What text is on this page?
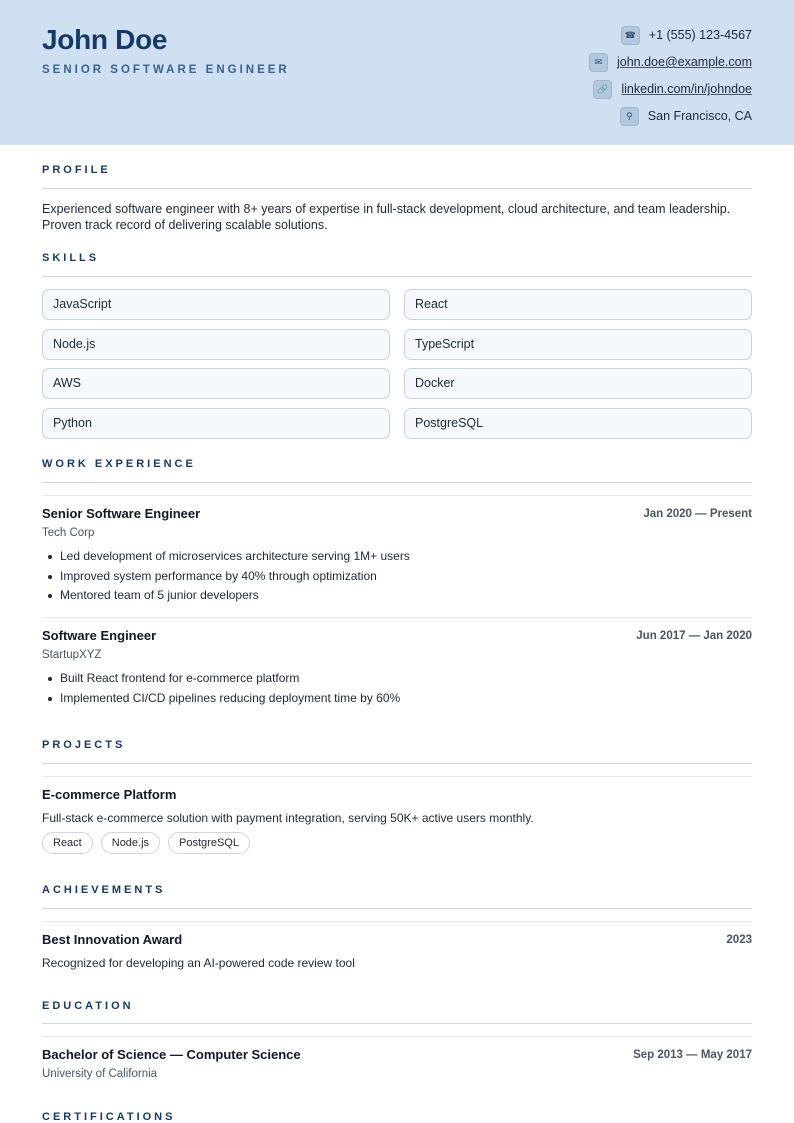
John Doe
SENIOR SOFTWARE ENGINEER
☎	+1 (555) 123-4567
✉	john.doe@example.com
🔗	linkedin.com/in/johndoe
⚲	San Francisco, CA
PROFILE
Experienced software engineer with 8+ years of expertise in full-stack development, cloud architecture, and team leadership.
Proven track record of delivering scalable solutions.
SKILLS
JavaScript	React
Node.js	TypeScript
AWS	Docker
Python	PostgreSQL
WORK EXPERIENCE
Senior Software Engineer	Jan 2020 — Present
Tech Corp
Led development of microservices architecture serving 1M+ users
Improved system performance by 40% through optimization
Mentored team of 5 junior developers
Software Engineer	Jun 2017 — Jan 2020
StartupXYZ
Built React frontend for e-commerce platform
Implemented CI/CD pipelines reducing deployment time by 60%
PROJECTS
E-commerce Platform
Full-stack e-commerce solution with payment integration, serving 50K+ active users monthly.
React	Node.js	PostgreSQL
ACHIEVEMENTS
Best Innovation Award	2023
Recognized for developing an AI-powered code review tool
EDUCATION
Bachelor of Science — Computer Science	Sep 2013 — May 2017
University of California
CERTIFICATIONS
